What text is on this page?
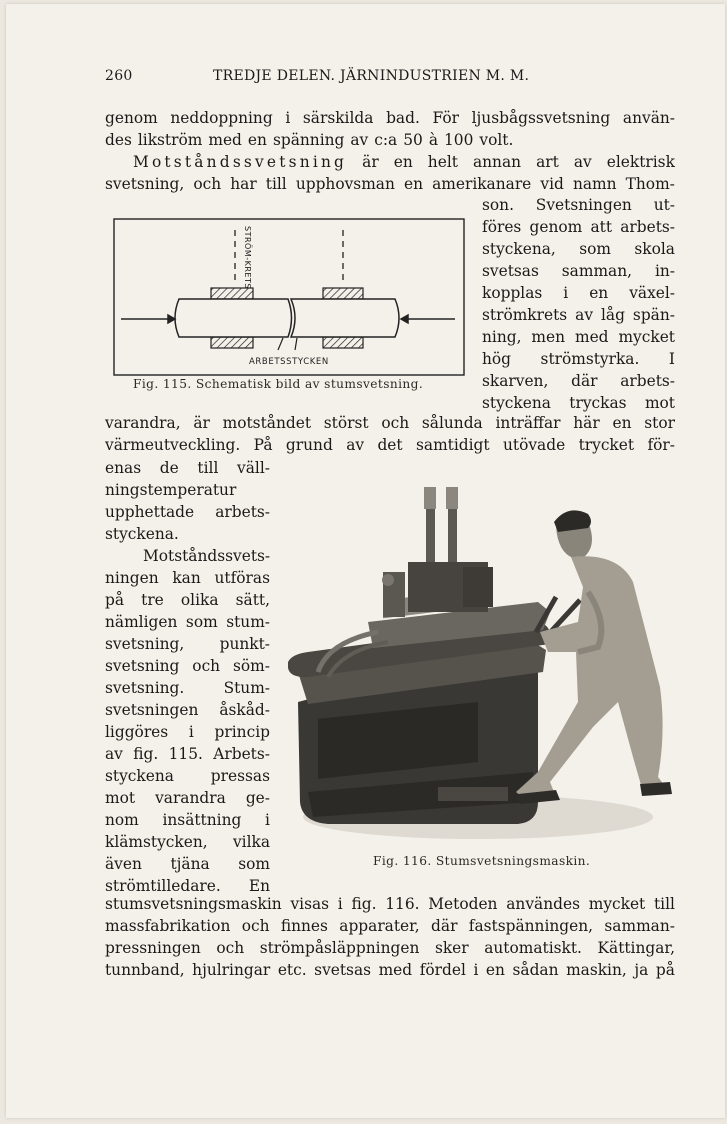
260	TREDJE DELEN. JÄRNINDUSTRIEN M. M.
genom neddoppning i särskilda bad. För ljusbågssvetsning använ-
des likström med en spänning av c:a 50 à 100 volt.
Motståndssvetsning är en helt annan art av elektrisk
svetsning, och har till upphovsman en amerikanare vid namn Thom-
son. Svetsningen ut-
föres genom att arbets-
styckena, som skola
svetsas samman, in-
kopplas i en växel-
strömkrets av låg spän-
ning, men med mycket
hög strömstyrka. I
skarven, där arbets-
styckena tryckas mot
varandra, är motståndet störst och sålunda inträffar här en stor
värmeutveckling. På grund av det samtidigt utövade trycket för-
enas de till väll-
ningstemperatur
upphettade arbets-
styckena.
Motståndssvets-
ningen kan utföras
på tre olika sätt,
nämligen som stum-
svetsning, punkt-
svetsning och söm-
svetsning.	Stum-
svetsningen åskåd-
liggöres i princip
av fig. 115. Arbets-
styckena pressas
mot varandra ge-
nom insättning i
klämstycken, vilka
även tjäna som
strömtilledare. En
stumsvetsningsmaskin visas i fig. 116. Metoden användes mycket till
massfabrikation och finnes apparater, där fastspänningen, samman-
pressningen och strömpåsläppningen sker automatiskt. Kättingar,
tunnband, hjulringar etc. svetsas med fördel i en sådan maskin, ja på
STRÖM-KRETS
ARBETSSTYCKEN
Fig. 115. Schematisk bild av stumsvetsning.
Fig. 116. Stumsvetsningsmaskin.
